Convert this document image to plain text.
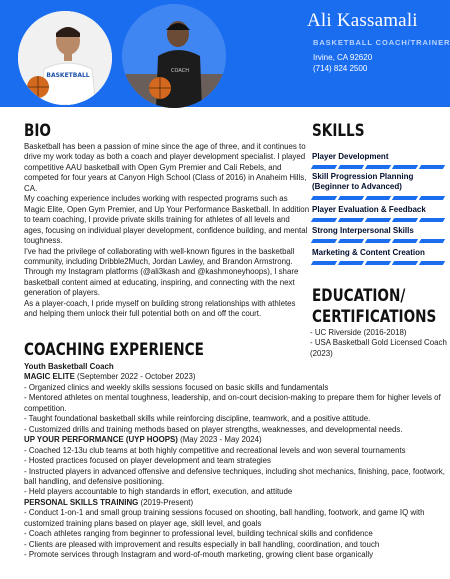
BASKETBALL
COACH
Ali Kassamali
BASKETBALL COACH/TRAINER
Irvine, CA 92620
(714) 824 2500
BIO
Basketball has been a passion of mine since the age of three, and it continues to drive my work today as both a coach and player development specialist. I played competitive AAU basketball with Open Gym Premier and Cali Rebels, and competed for four years at Canyon High School (Class of 2016) in Anaheim Hills, CA.
My coaching experience includes working with respected programs such as Magic Elite, Open Gym Premier, and Up Your Performance Basketball. In addition to team coaching, I provide private skills training for athletes of all levels and ages, focusing on individual player development, confidence building, and mental toughness.
I've had the privilege of collaborating with well-known figures in the basketball community, including Dribble2Much, Jordan Lawley, and Brandon Armstrong. Through my Instagram platforms (@ali3kash and @kashmoneyhoops), I share basketball content aimed at educating, inspiring, and connecting with the next generation of players.
As a player-coach, I pride myself on building strong relationships with athletes and helping them unlock their full potential both on and off the court.
SKILLS
Player Development
Skill Progression Planning (Beginner to Advanced)
Player Evaluation & Feedback
Strong Interpersonal Skills
Marketing & Content Creation
EDUCATION/
CERTIFICATIONS
- UC Riverside (2016-2018)
- USA Basketball Gold Licensed Coach (2023)
COACHING EXPERIENCE
Youth Basketball Coach
MAGIC ELITE (September 2022 - October 2023)
- Organized clinics and weekly skills sessions focused on basic skills and fundamentals
- Mentored athletes on mental toughness, leadership, and on-court decision-making to prepare them for higher levels of competition.
- Taught foundational basketball skills while reinforcing discipline, teamwork, and a positive attitude.
- Customized drills and training methods based on player strengths, weaknesses, and developmental needs.
UP YOUR PERFORMANCE (UYP HOOPS) (May 2023 - May 2024)
- Coached 12-13u club teams at both highly competitive and recreational levels and won several tournaments
- Hosted practices focused on player development and team strategies
- Instructed players in advanced offensive and defensive techniques, including shot mechanics, finishing, pace, footwork, ball handling, and defensive positioning.
- Held players accountable to high standards in effort, execution, and attitude
PERSONAL SKILLS TRAINING (2019-Present)
- Conduct 1-on-1 and small group training sessions focused on shooting, ball handling, footwork, and game IQ with customized training plans based on player age, skill level, and goals
- Coach athletes ranging from beginner to professional level, building technical skills and confidence
- Clients are pleased with improvement and results especially in ball handling, coordination, and touch
- Promote services through Instagram and word-of-mouth marketing, growing client base organically
